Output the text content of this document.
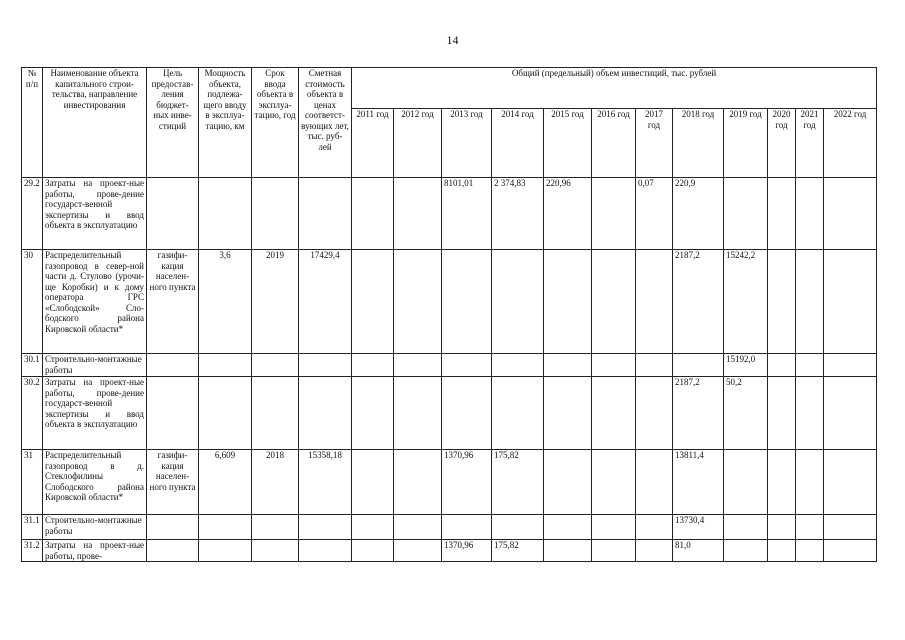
14
№ п/п	Наименование объекта капитального строи-тельства, направление инвестирования	Цель предостав-ления бюджет-ных инве-стиций	Мощность объекта, подлежа-щего вводу в эксплуа-тацию, км	Срок ввода объекта в эксплуа-тацию, год	Сметная стоимость объекта в ценах соответст-вующих лет, тыс. руб-лей	Общий (предельный) объем инвестиций, тыс. рублей											
						2011 год	2012 год	2013 год	2014 год	2015 год	2016 год	2017 год	2018 год	2019 год	2020 год	2021 год	2022 год
29.2	Затраты на проект-ные работы, прове-дение государст-венной экспертизы и ввод объекта в эксплуатацию							8101,01	2 374,83	220,96		0,07	220,9				
30	Распределительный газопровод в север-ной части д. Стулово (урочи-ще Коробки) и к дому оператора ГРС «Слободской» Сло-бодского района Кировской области*	газифи-кация населен-ного пункта	3,6	2019	17429,4								2187,2	15242,2			
30.1	Строительно-монтажные работы													15192,0			
30.2	Затраты на проект-ные работы, прове-дение государст-венной экспертизы и ввод объекта в эксплуатацию												2187,2	50,2			
31	Распределительный газопровод в д. Стеклофилины Слободского района Кировской области*	газифи-кация населен-ного пункта	6,609	2018	15358,18			1370,96	175,82				13811,4				
31.1	Строительно-монтажные работы												13730,4				
31.2	Затраты на проект-ные работы, прове-							1370,96	175,82				81,0				
